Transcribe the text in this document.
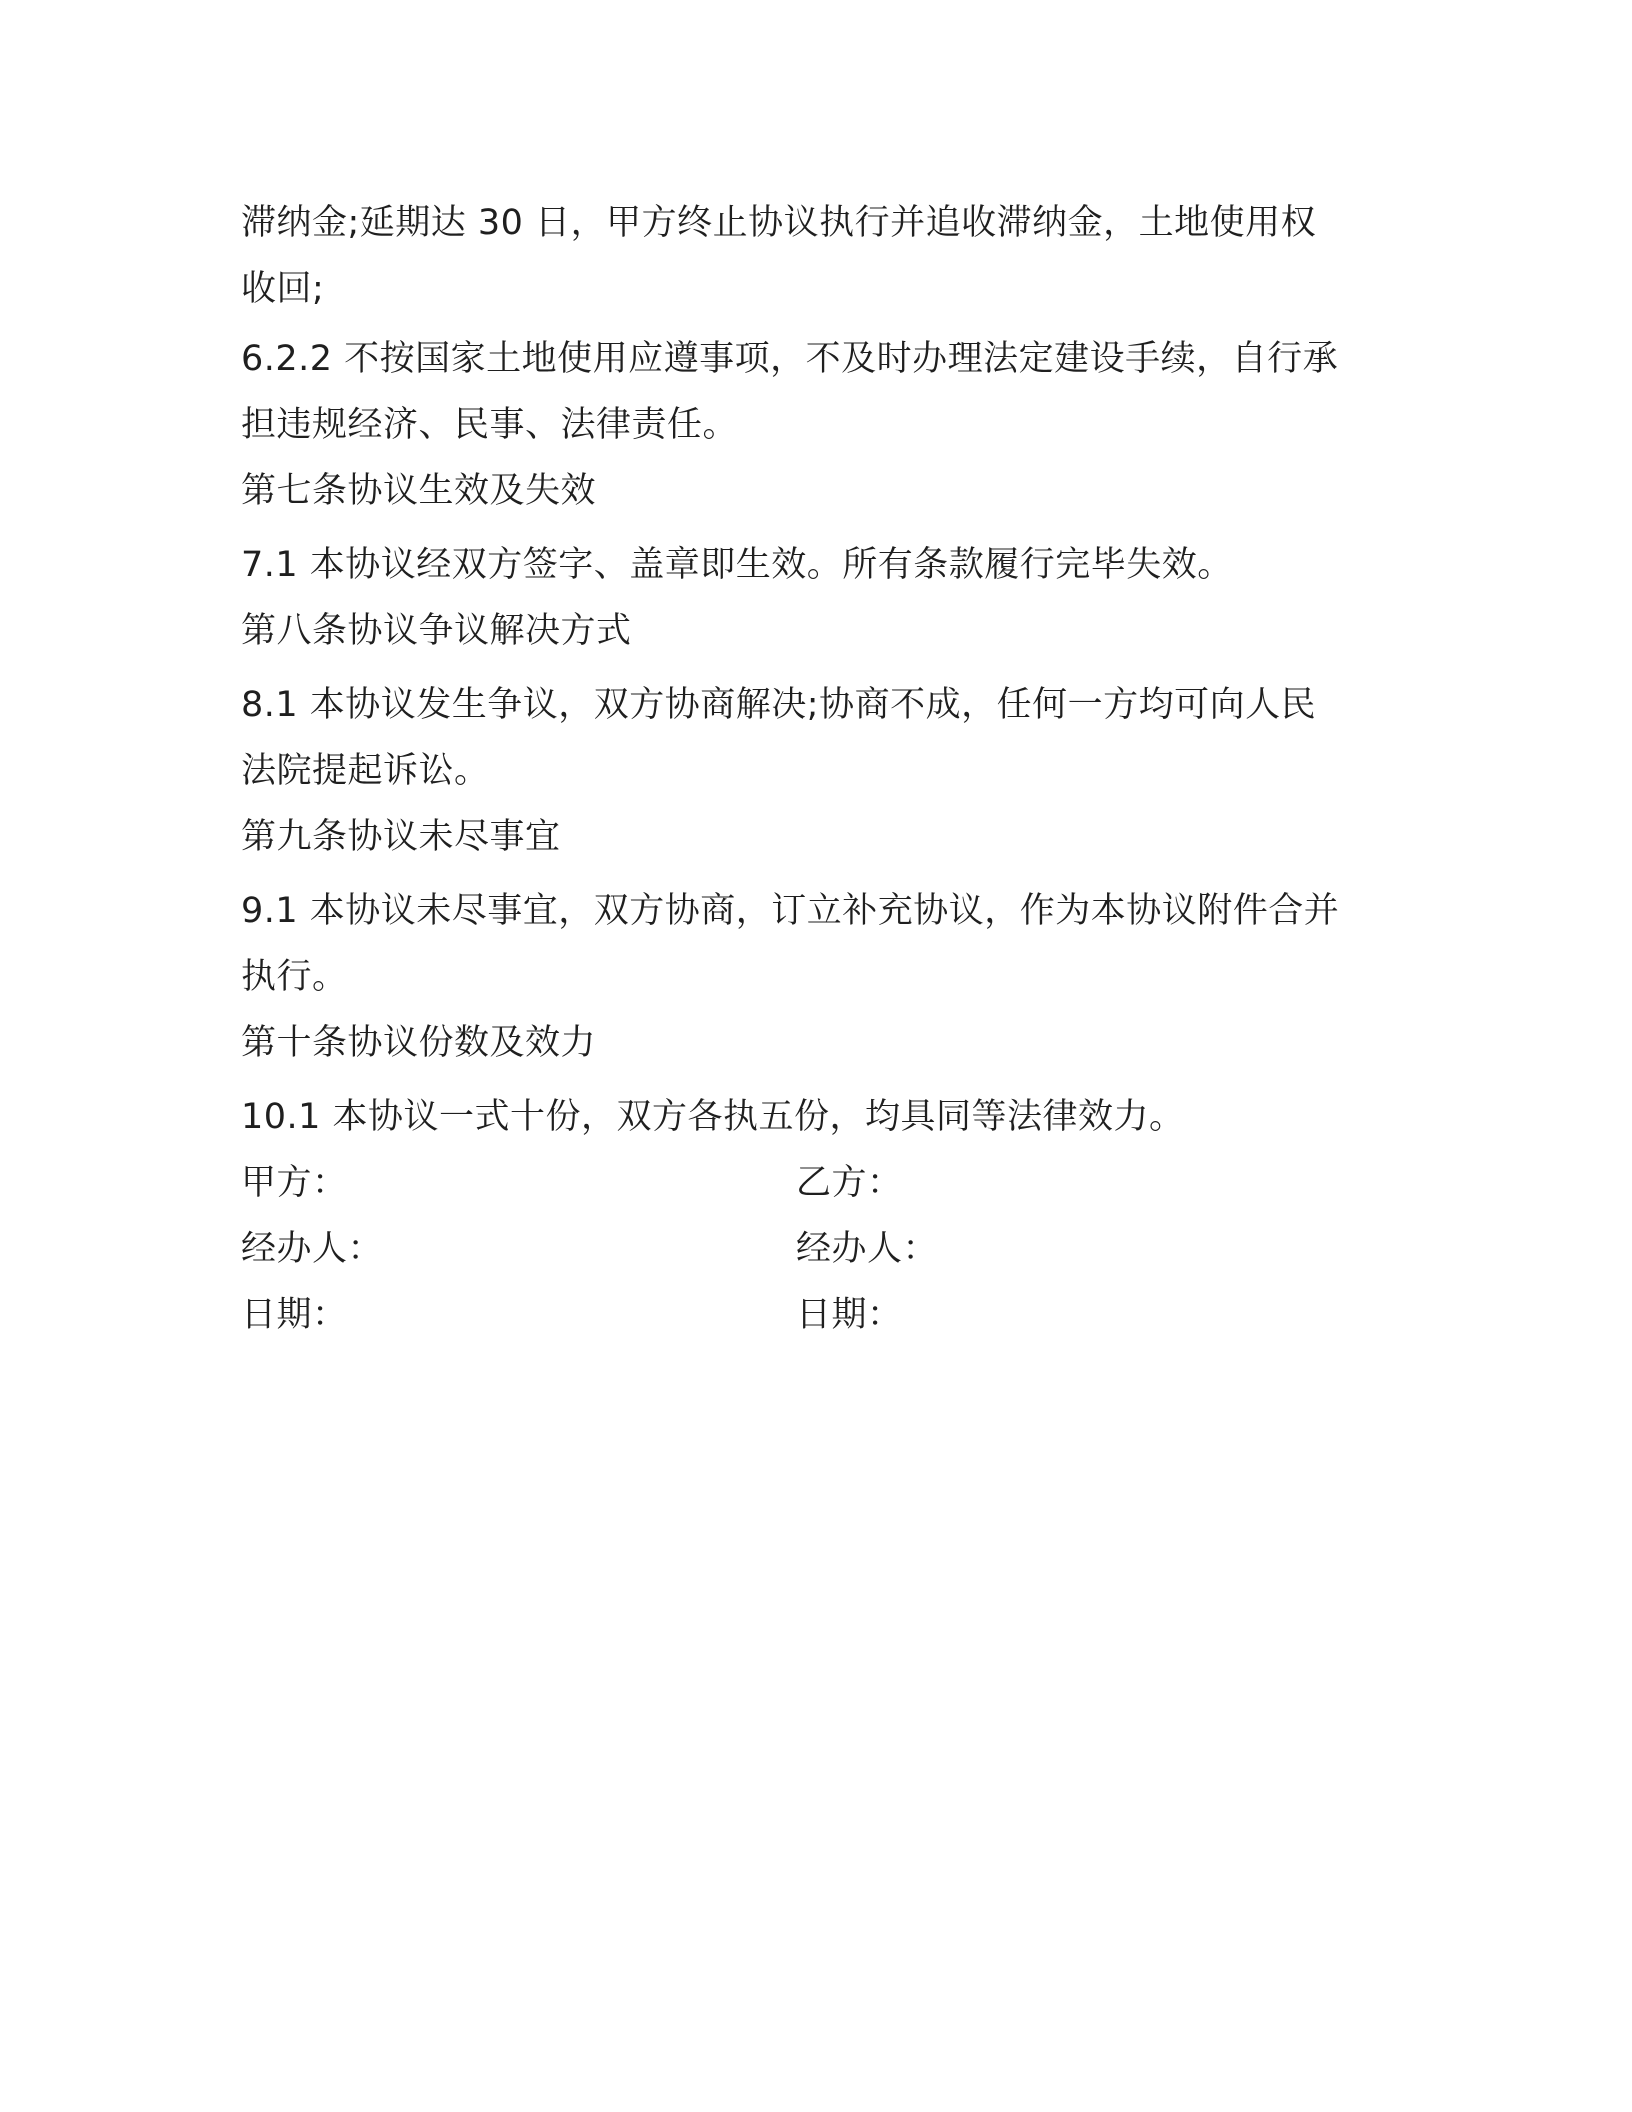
滞纳金;延期达 30 日，甲方终止协议执行并追收滞纳金，土地使用权
收回;
6.2.2 不按国家土地使用应遵事项，不及时办理法定建设手续，自行承
担违规经济、民事、法律责任。
第七条协议生效及失效
7.1 本协议经双方签字、盖章即生效。所有条款履行完毕失效。
第八条协议争议解决方式
8.1 本协议发生争议，双方协商解决;协商不成，任何一方均可向人民
法院提起诉讼。
第九条协议未尽事宜
9.1 本协议未尽事宜，双方协商，订立补充协议，作为本协议附件合并
执行。
第十条协议份数及效力
10.1 本协议一式十份，双方各执五份，均具同等法律效力。
甲方：	乙方：
经办人：	经办人：
日期：	日期：
